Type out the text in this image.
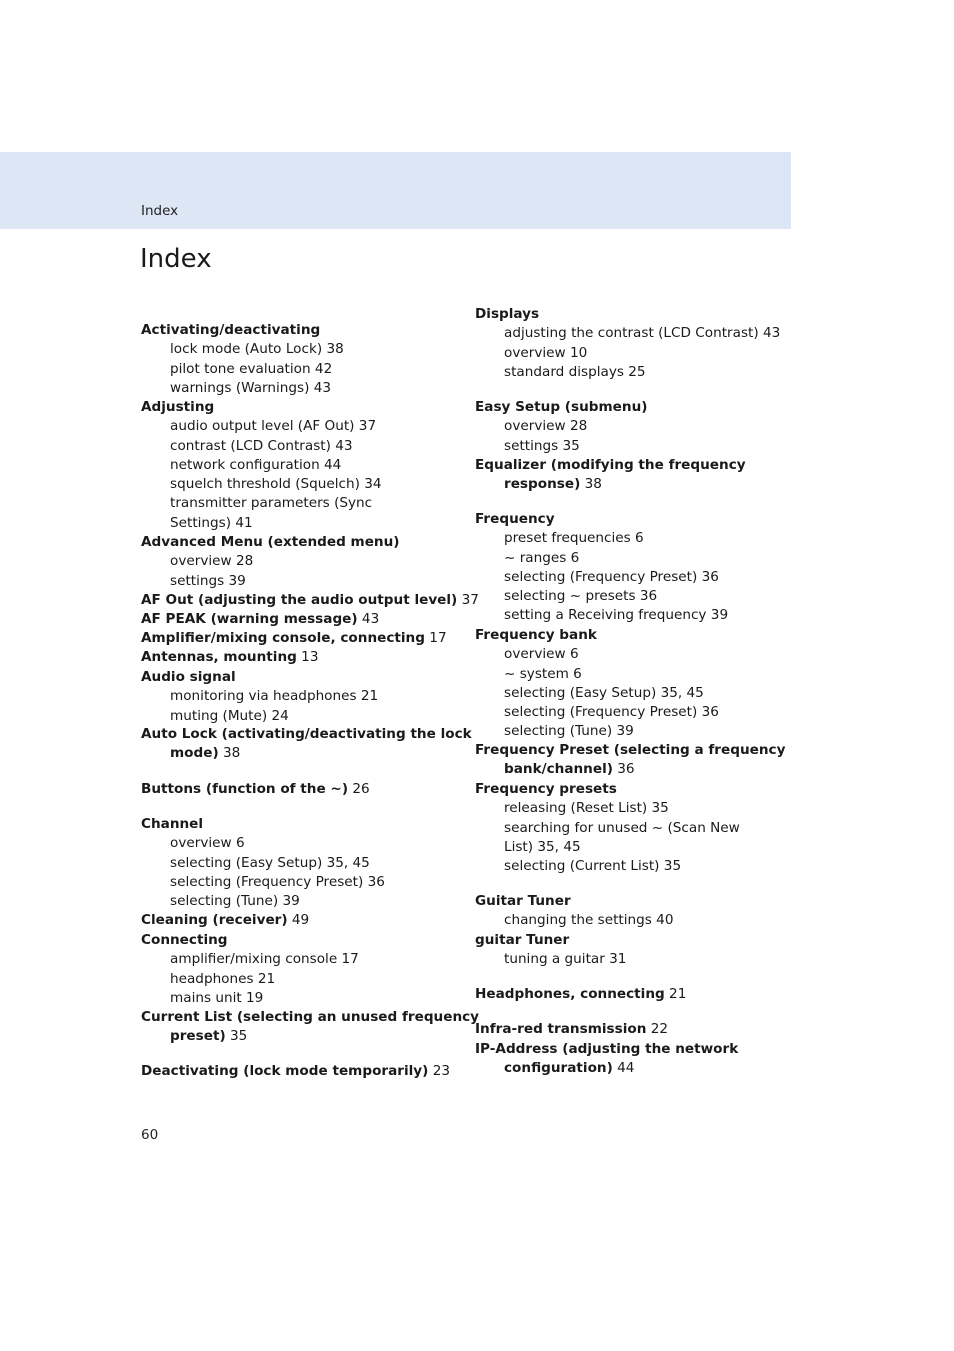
Index
Index
Activating/deactivating
lock mode (Auto Lock) 38
pilot tone evaluation 42
warnings (Warnings) 43
Adjusting
audio output level (AF Out) 37
contrast (LCD Contrast) 43
network configuration 44
squelch threshold (Squelch) 34
transmitter parameters (Sync
Settings) 41
Advanced Menu (extended menu)
overview 28
settings 39
AF Out (adjusting the audio output level) 37
AF PEAK (warning message) 43
Amplifier/mixing console, connecting 17
Antennas, mounting 13
Audio signal
monitoring via headphones 21
muting (Mute) 24
Auto Lock (activating/deactivating the lock
mode) 38
Buttons (function of the ~) 26
Channel
overview 6
selecting (Easy Setup) 35, 45
selecting (Frequency Preset) 36
selecting (Tune) 39
Cleaning (receiver) 49
Connecting
amplifier/mixing console 17
headphones 21
mains unit 19
Current List (selecting an unused frequency
preset) 35
Deactivating (lock mode temporarily) 23
Displays
adjusting the contrast (LCD Contrast) 43
overview 10
standard displays 25
Easy Setup (submenu)
overview 28
settings 35
Equalizer (modifying the frequency
response) 38
Frequency
preset frequencies 6
~ ranges 6
selecting (Frequency Preset) 36
selecting ~ presets 36
setting a Receiving frequency 39
Frequency bank
overview 6
~ system 6
selecting (Easy Setup) 35, 45
selecting (Frequency Preset) 36
selecting (Tune) 39
Frequency Preset (selecting a frequency
bank/channel) 36
Frequency presets
releasing (Reset List) 35
searching for unused ~ (Scan New
List) 35, 45
selecting (Current List) 35
Guitar Tuner
changing the settings 40
guitar Tuner
tuning a guitar 31
Headphones, connecting 21
Infra-red transmission 22
IP-Address (adjusting the network
configuration) 44
60
